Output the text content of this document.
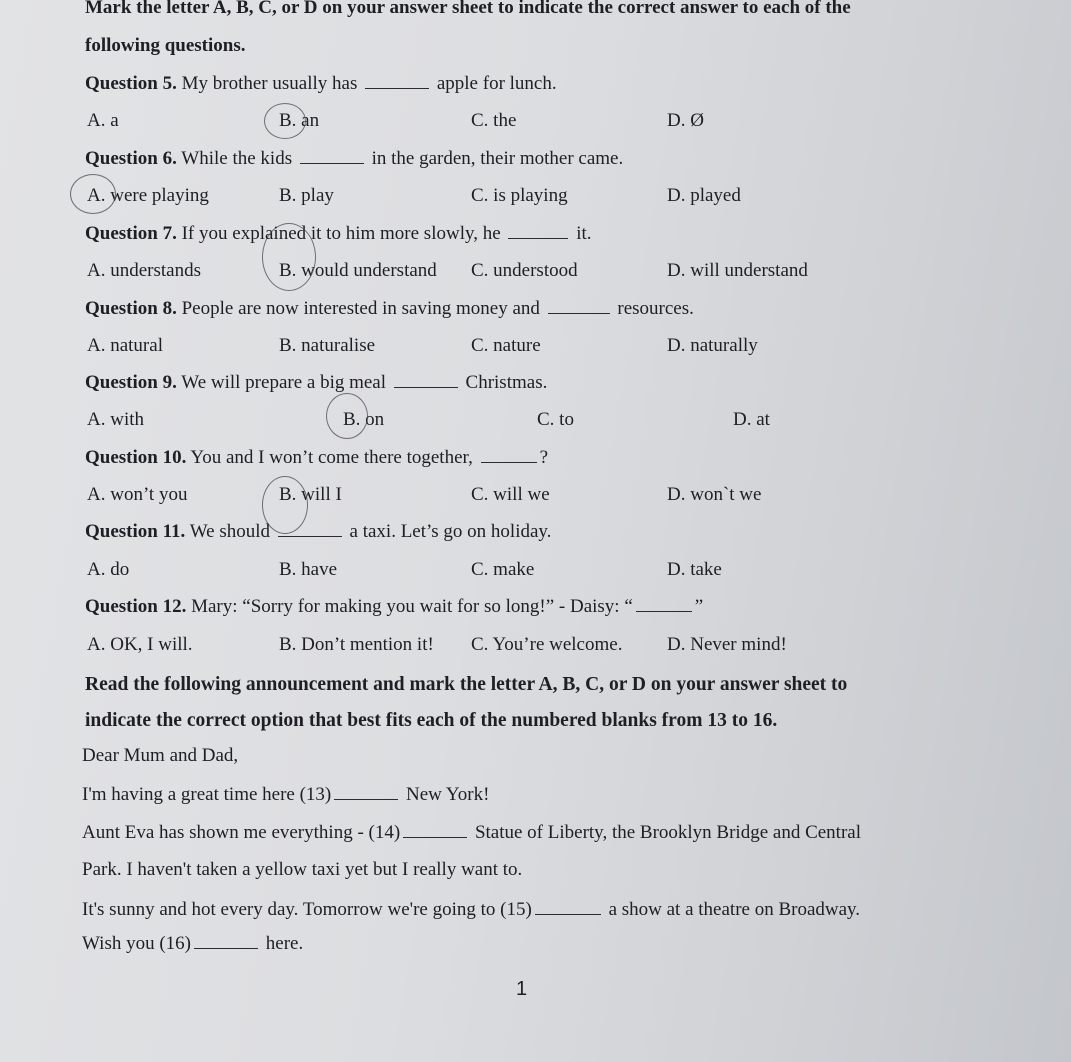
Mark the letter A, B, C, or D on your answer sheet to indicate the correct answer to each of the
following questions.
Question 5. My brother usually has	apple for lunch.
A. a	B. an	C. the	D. Ø
Question 6. While the kids	in the garden, their mother came.
A. were playing	B. play	C. is playing	D. played
Question 7. If you explained it to him more slowly, he	it.
A. understands	B. would understand C. understood	D. will understand
Question 8. People are now interested in saving money and	resources.
A. natural	B. naturalise	C. nature	D. naturally
Question 9. We will prepare a big meal	Christmas.
A. with	B. on	C. to	D. at
Question 10. You and I won’t come there together,	?
A. won’t you	B. will I	C. will we	D. won`t we
Question 11. We should	a taxi. Let’s go on holiday.
A. do	B. have	C. make	D. take
Question 12. Mary: “Sorry for making you wait for so long!” - Daisy: “	”
A. OK, I will.	B. Don’t mention it! C. You’re welcome. D. Never mind!
Read the following announcement and mark the letter A, B, C, or D on your answer sheet to
indicate the correct option that best fits each of the numbered blanks from 13 to 16.
Dear Mum and Dad,
I'm having a great time here (13)	New York!
Aunt Eva has shown me everything - (14)	Statue of Liberty, the Brooklyn Bridge and Central
Park. I haven't taken a yellow taxi yet but I really want to.
It's sunny and hot every day. Tomorrow we're going to (15)	a show at a theatre on Broadway.
Wish you (16)	here.
1
